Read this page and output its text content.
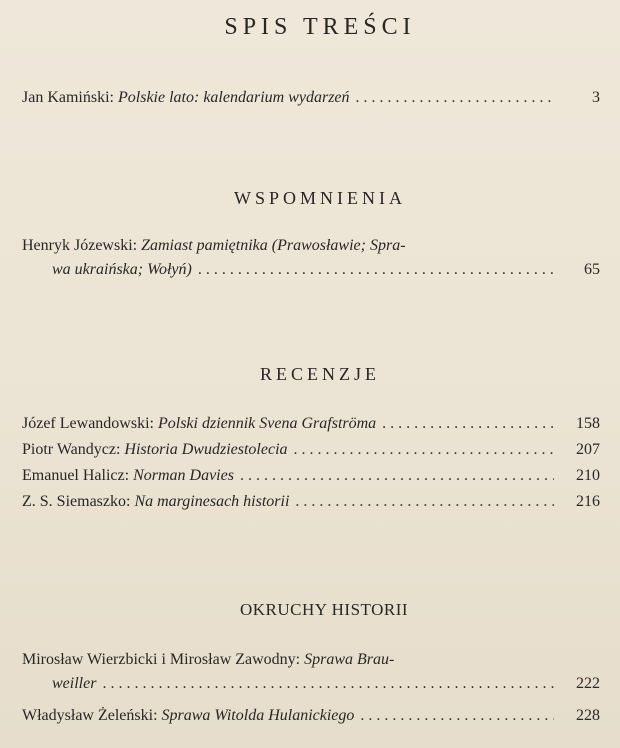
SPIS TREŚCI
Jan Kamiński: Polskie lato: kalendarium wydarzeń . . .	3
WSPOMNIENIA
Henryk Józewski: Zamiast pamiętnika (Prawosławie; Spra-
wa ukraińska; Wołyń) . . .	65
RECENZJE
Józef Lewandowski: Polski dziennik Svena Grafströma . . .	158
Piotr Wandycz: Historia Dwudziestolecia . . .	207
Emanuel Halicz: Norman Davies . . .	210
Z. S. Siemaszko: Na marginesach historii . . .	216
OKRUCHY HISTORII
Mirosław Wierzbicki i Mirosław Zawodny: Sprawa Brau-
weiller . . .	222
Władysław Żeleński: Sprawa Witolda Hulanickiego . . .	228
